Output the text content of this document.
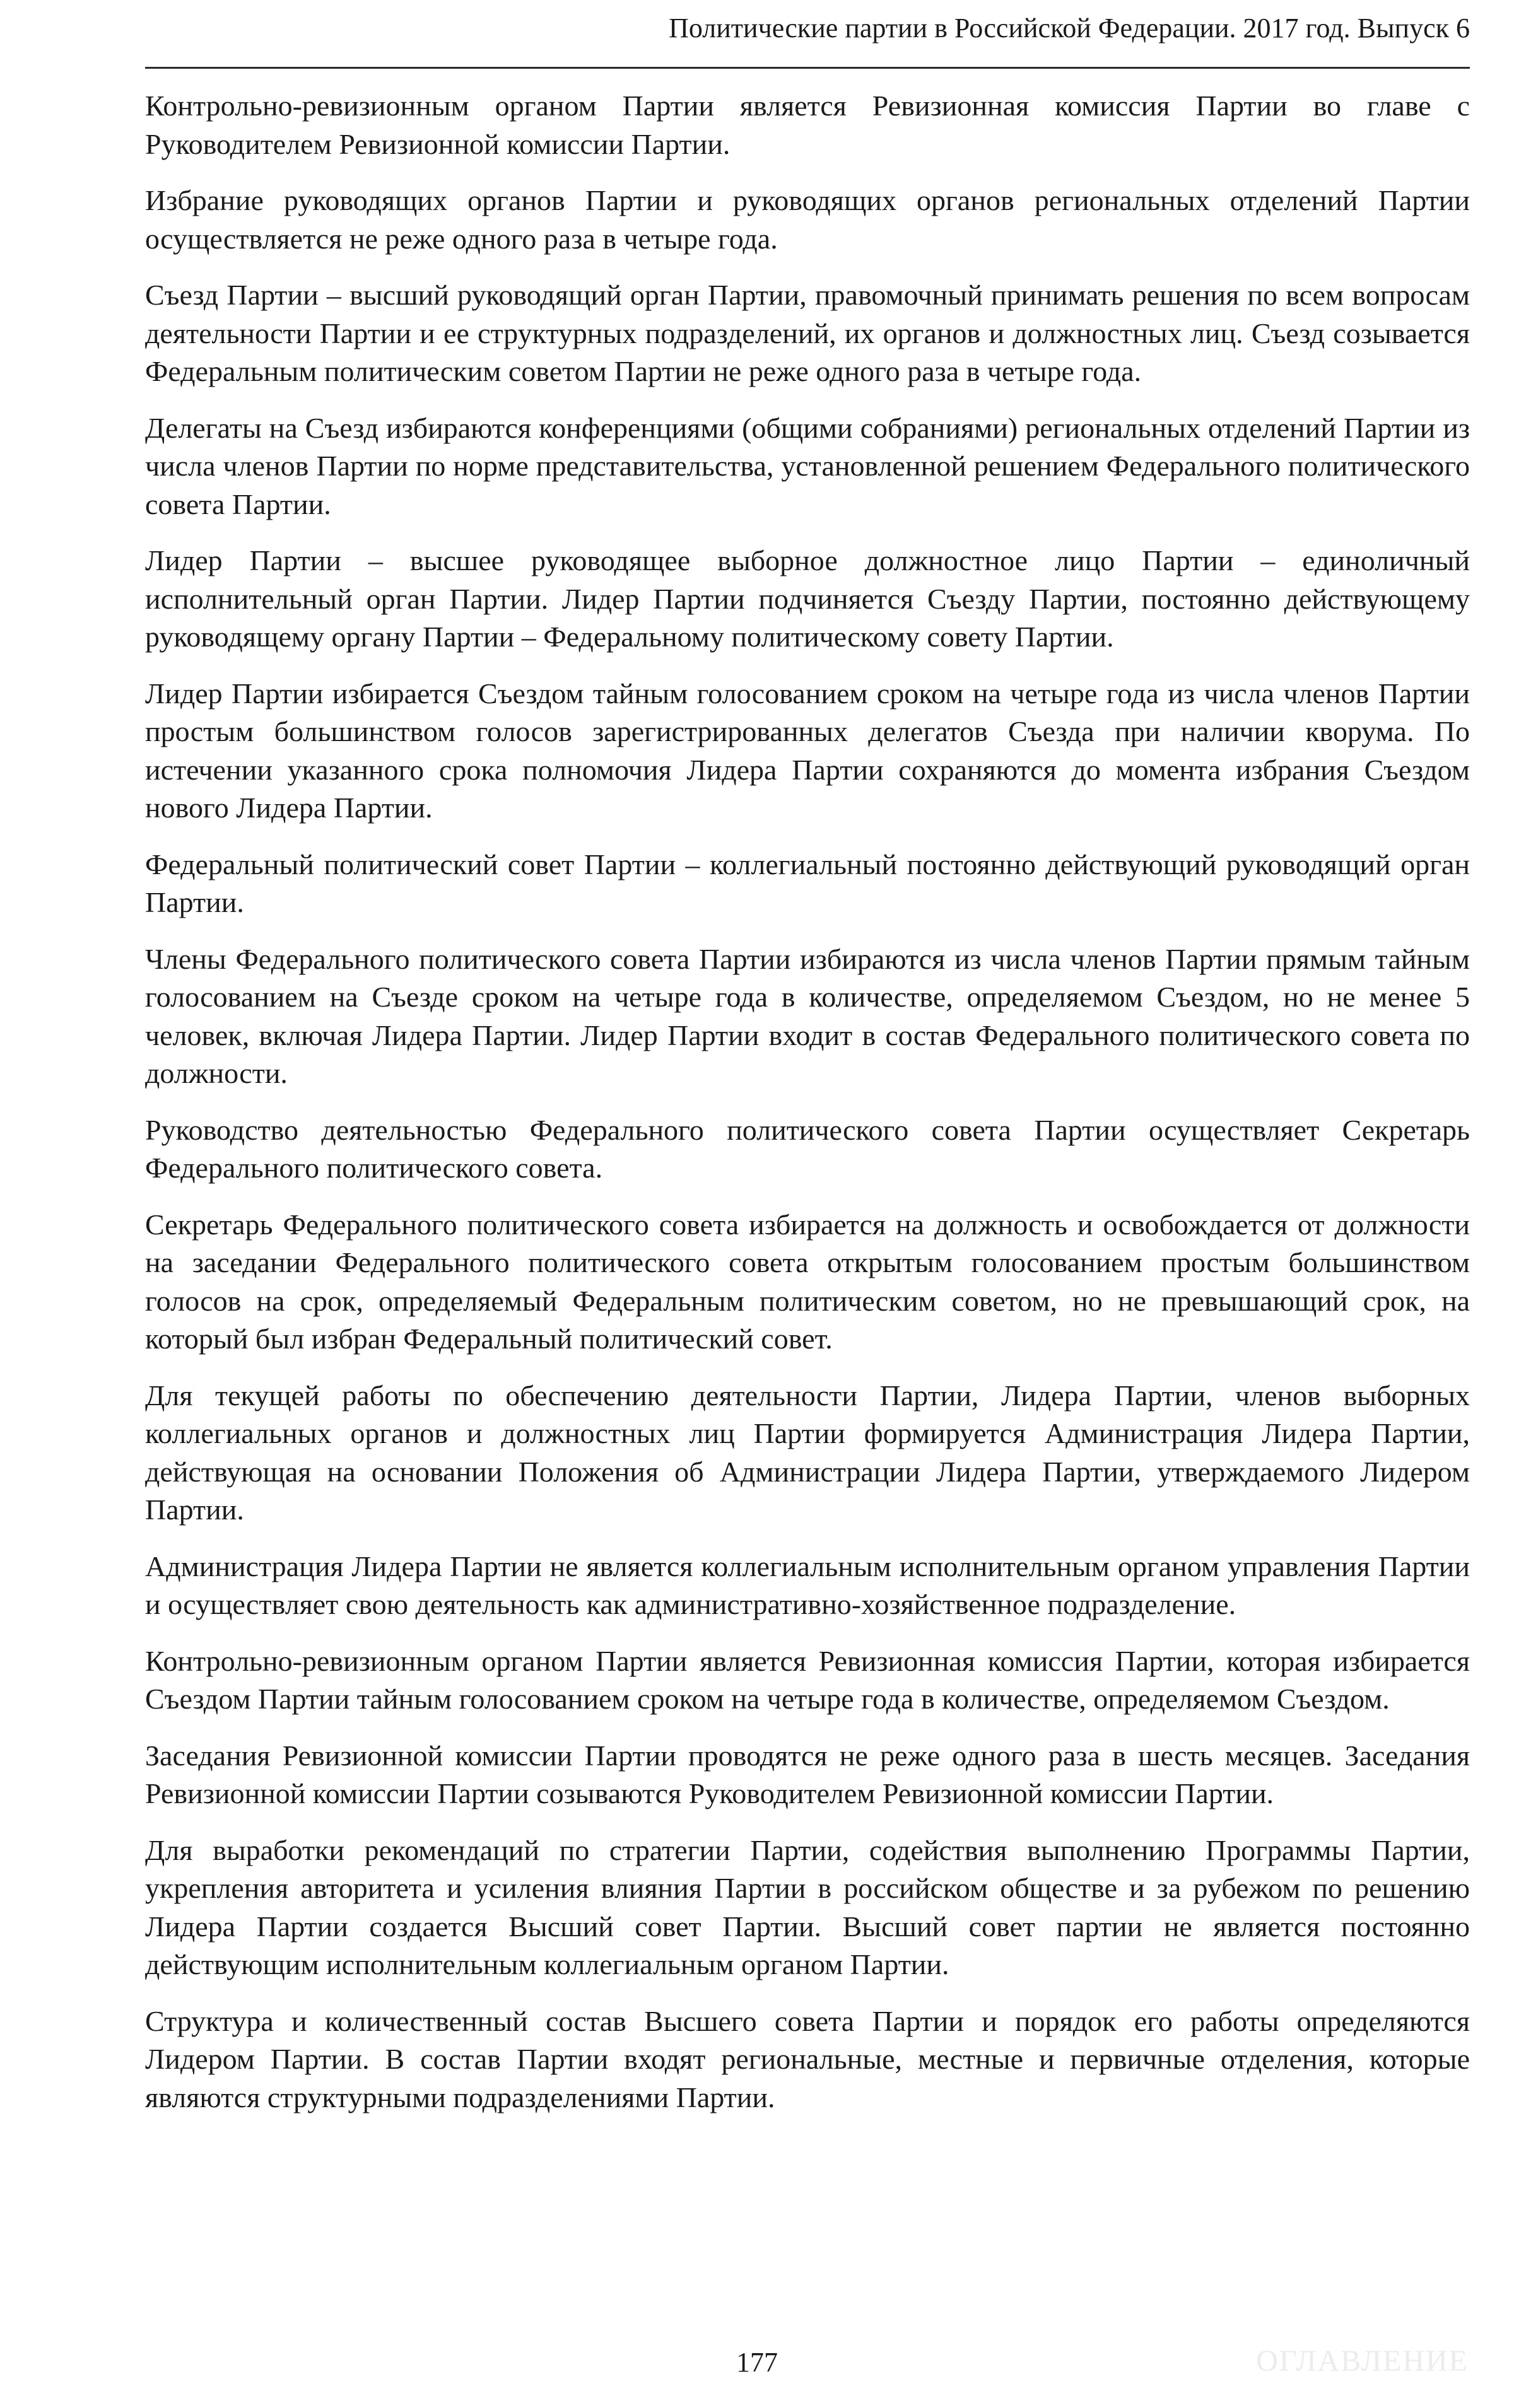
Политические партии в Российской Федерации. 2017 год. Выпуск 6

Контрольно-ревизионным органом Партии является Ревизионная комиссия Партии во главе с Руководителем Ревизионной комиссии Партии.

Избрание руководящих органов Партии и руководящих органов региональных отделений Партии осуществляется не реже одного раза в четыре года.

Съезд Партии – высший руководящий орган Партии, правомочный принимать решения по всем вопросам деятельности Партии и ее структурных подразделений, их органов и должностных лиц. Съезд созывается Федеральным политическим советом Партии не реже одного раза в четыре года.

Делегаты на Съезд избираются конференциями (общими собраниями) региональных отделений Партии из числа членов Партии по норме представительства, установленной решением Федерального политического совета Партии.

Лидер Партии – высшее руководящее выборное должностное лицо Партии – единоличный исполнительный орган Партии. Лидер Партии подчиняется Съезду Партии, постоянно действующему руководящему органу Партии – Федеральному политическому совету Партии.

Лидер Партии избирается Съездом тайным голосованием сроком на четыре года из числа членов Партии простым большинством голосов зарегистрированных делегатов Съезда при наличии кворума. По истечении указанного срока полномочия Лидера Партии сохраняются до момента избрания Съездом нового Лидера Партии.

Федеральный политический совет Партии – коллегиальный постоянно действующий руководящий орган Партии.

Члены Федерального политического совета Партии избираются из числа членов Партии прямым тайным голосованием на Съезде сроком на четыре года в количестве, определяемом Съездом, но не менее 5 человек, включая Лидера Партии. Лидер Партии входит в состав Федерального политического совета по должности.

Руководство деятельностью Федерального политического совета Партии осуществляет Секретарь Федерального политического совета.

Секретарь Федерального политического совета избирается на должность и освобождается от должности на заседании Федерального политического совета открытым голосованием простым большинством голосов на срок, определяемый Федеральным политическим советом, но не превышающий срок, на который был избран Федеральный политический совет.

Для текущей работы по обеспечению деятельности Партии, Лидера Партии, членов выборных коллегиальных органов и должностных лиц Партии формируется Администрация Лидера Партии, действующая на основании Положения об Администрации Лидера Партии, утверждаемого Лидером Партии.

Администрация Лидера Партии не является коллегиальным исполнительным органом управления Партии и осуществляет свою деятельность как административно-хозяйственное подразделение.

Контрольно-ревизионным органом Партии является Ревизионная комиссия Партии, которая избирается Съездом Партии тайным голосованием сроком на четыре года в количестве, определяемом Съездом.

Заседания Ревизионной комиссии Партии проводятся не реже одного раза в шесть месяцев. Заседания Ревизионной комиссии Партии созываются Руководителем Ревизионной комиссии Партии.

Для выработки рекомендаций по стратегии Партии, содействия выполнению Программы Партии, укрепления авторитета и усиления влияния Партии в российском обществе и за рубежом по решению Лидера Партии создается Высший совет Партии. Высший совет партии не является постоянно действующим исполнительным коллегиальным органом Партии.

Структура и количественный состав Высшего совета Партии и порядок его работы определяются Лидером Партии. В состав Партии входят региональные, местные и первичные отделения, которые являются структурными подразделениями Партии.

177	ОГЛАВЛЕНИЕ
